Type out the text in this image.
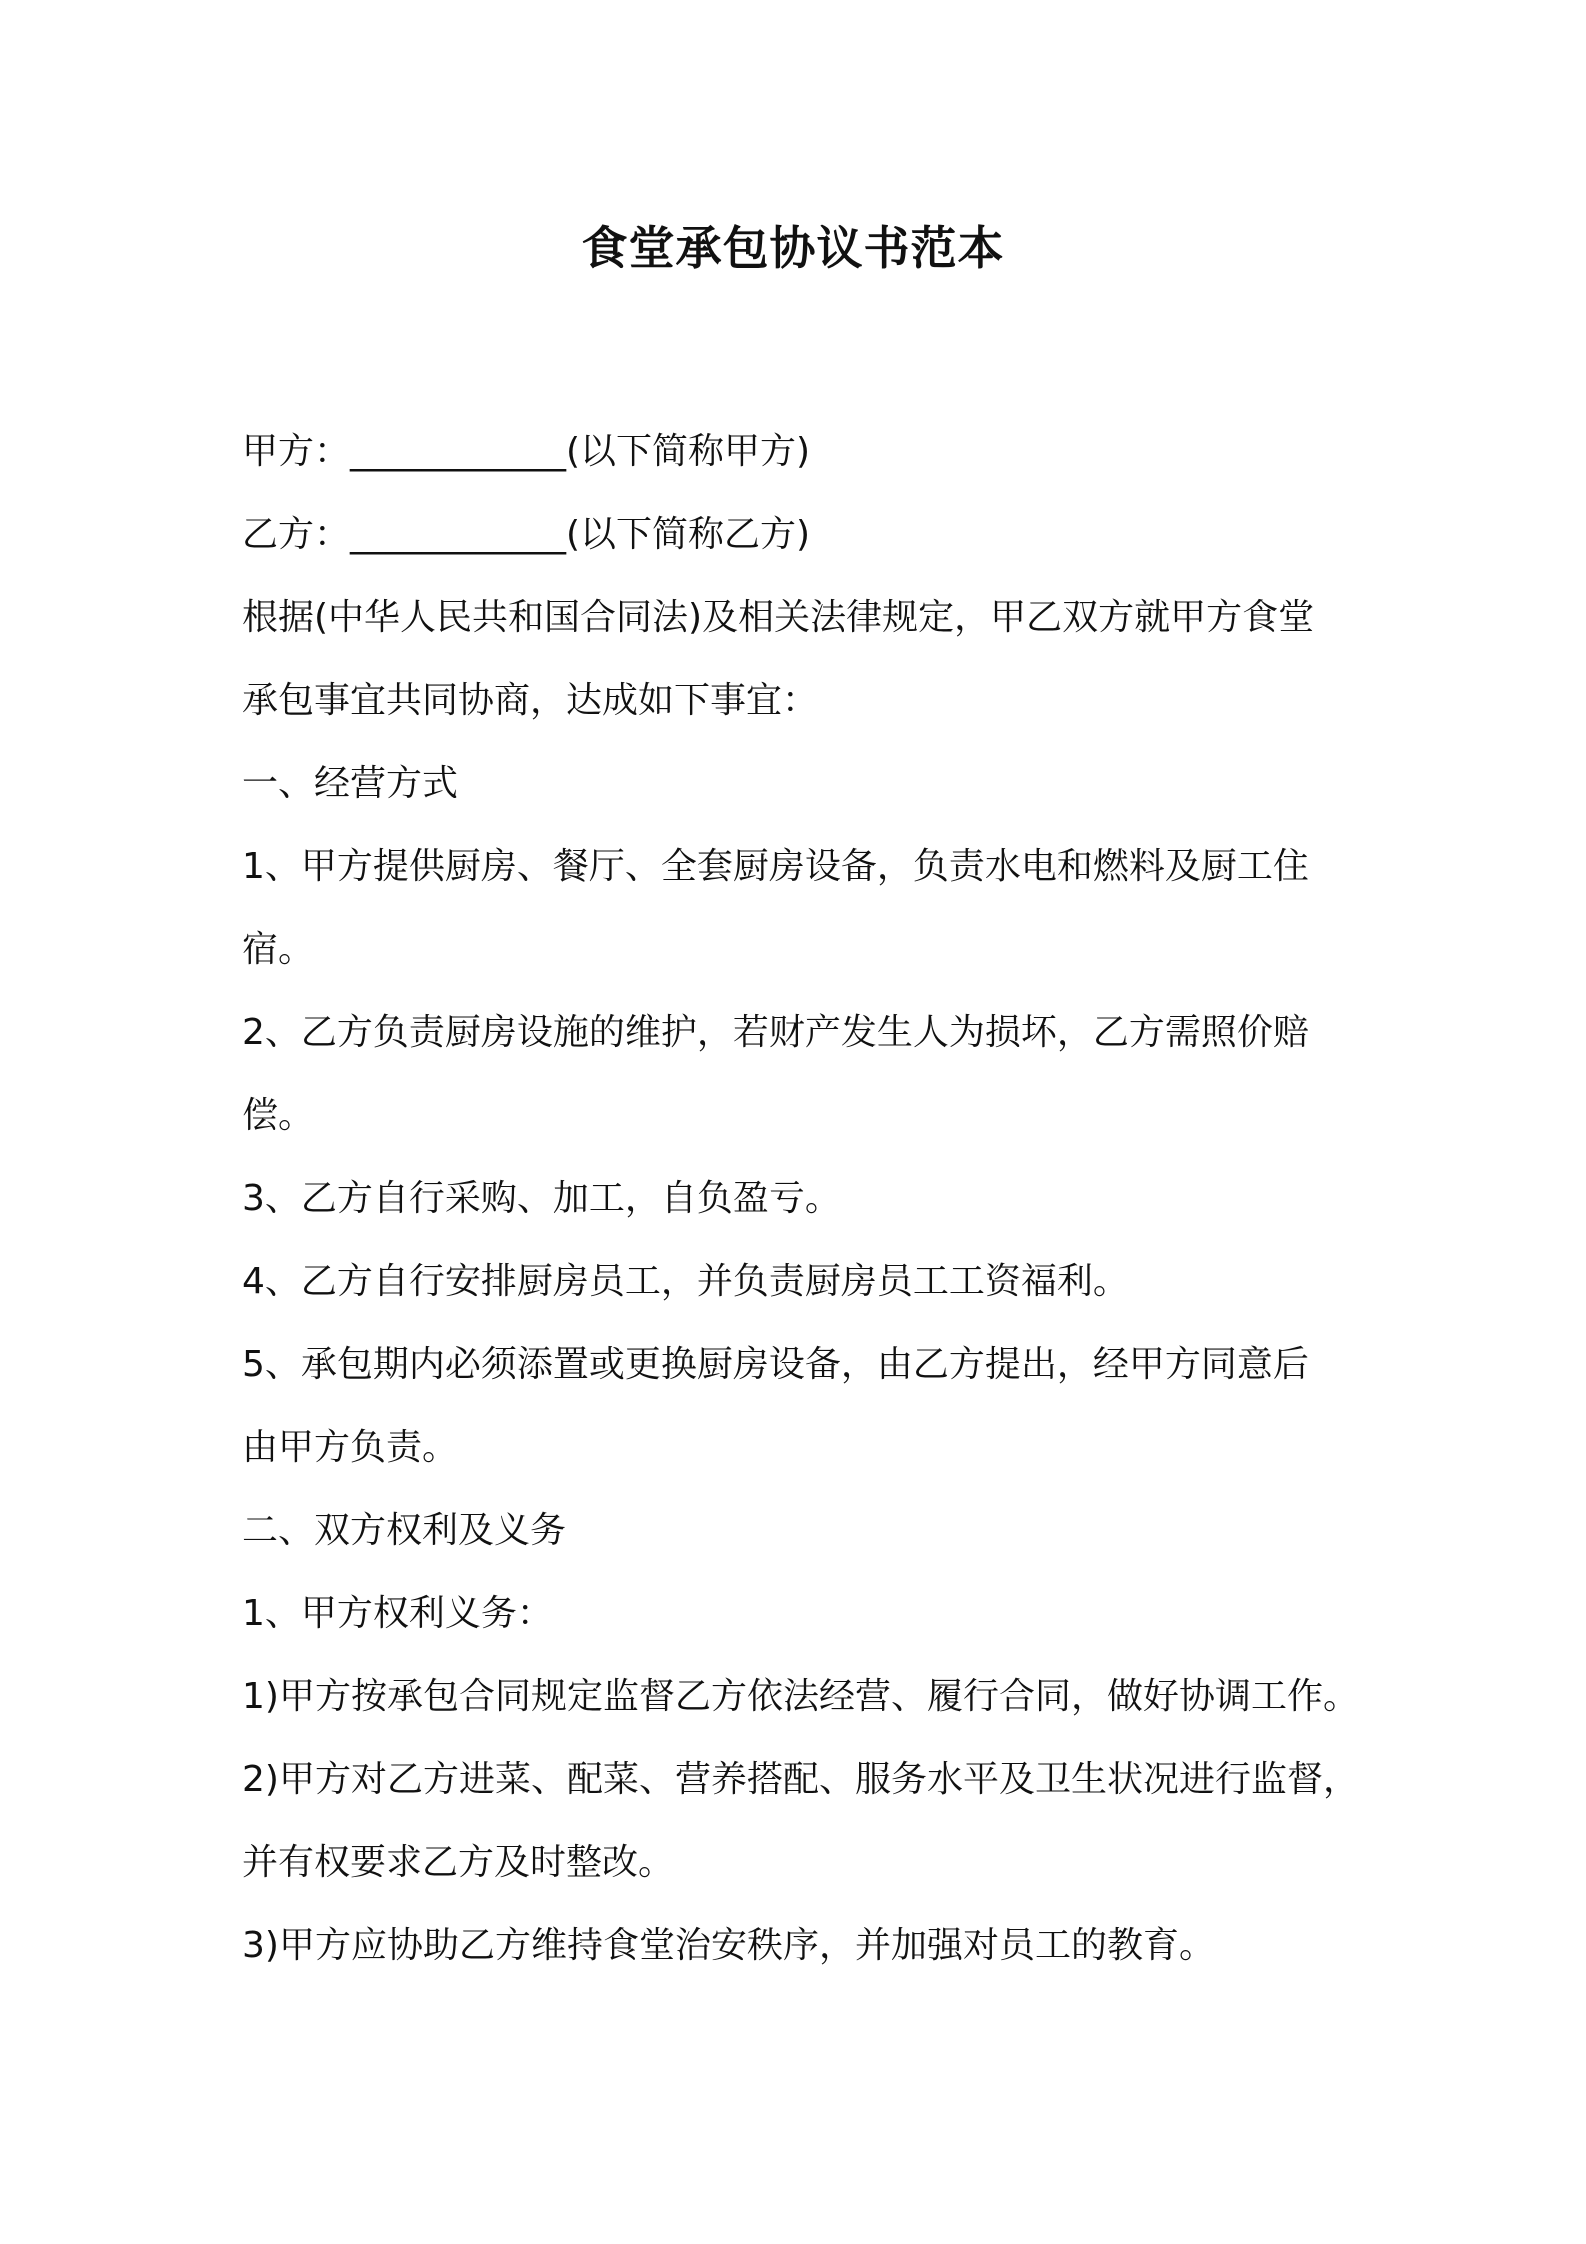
食堂承包协议书范本
甲方：____________(以下简称甲方)
乙方：____________(以下简称乙方)
根据(中华人民共和国合同法)及相关法律规定，甲乙双方就甲方食堂
承包事宜共同协商，达成如下事宜：
一、经营方式
1、甲方提供厨房、餐厅、全套厨房设备，负责水电和燃料及厨工住
宿。
2、乙方负责厨房设施的维护，若财产发生人为损坏，乙方需照价赔
偿。
3、乙方自行采购、加工，自负盈亏。
4、乙方自行安排厨房员工，并负责厨房员工工资福利。
5、承包期内必须添置或更换厨房设备，由乙方提出，经甲方同意后
由甲方负责。
二、双方权利及义务
1、甲方权利义务：
1)甲方按承包合同规定监督乙方依法经营、履行合同，做好协调工作。
2)甲方对乙方进菜、配菜、营养搭配、服务水平及卫生状况进行监督，
并有权要求乙方及时整改。
3)甲方应协助乙方维持食堂治安秩序，并加强对员工的教育。
